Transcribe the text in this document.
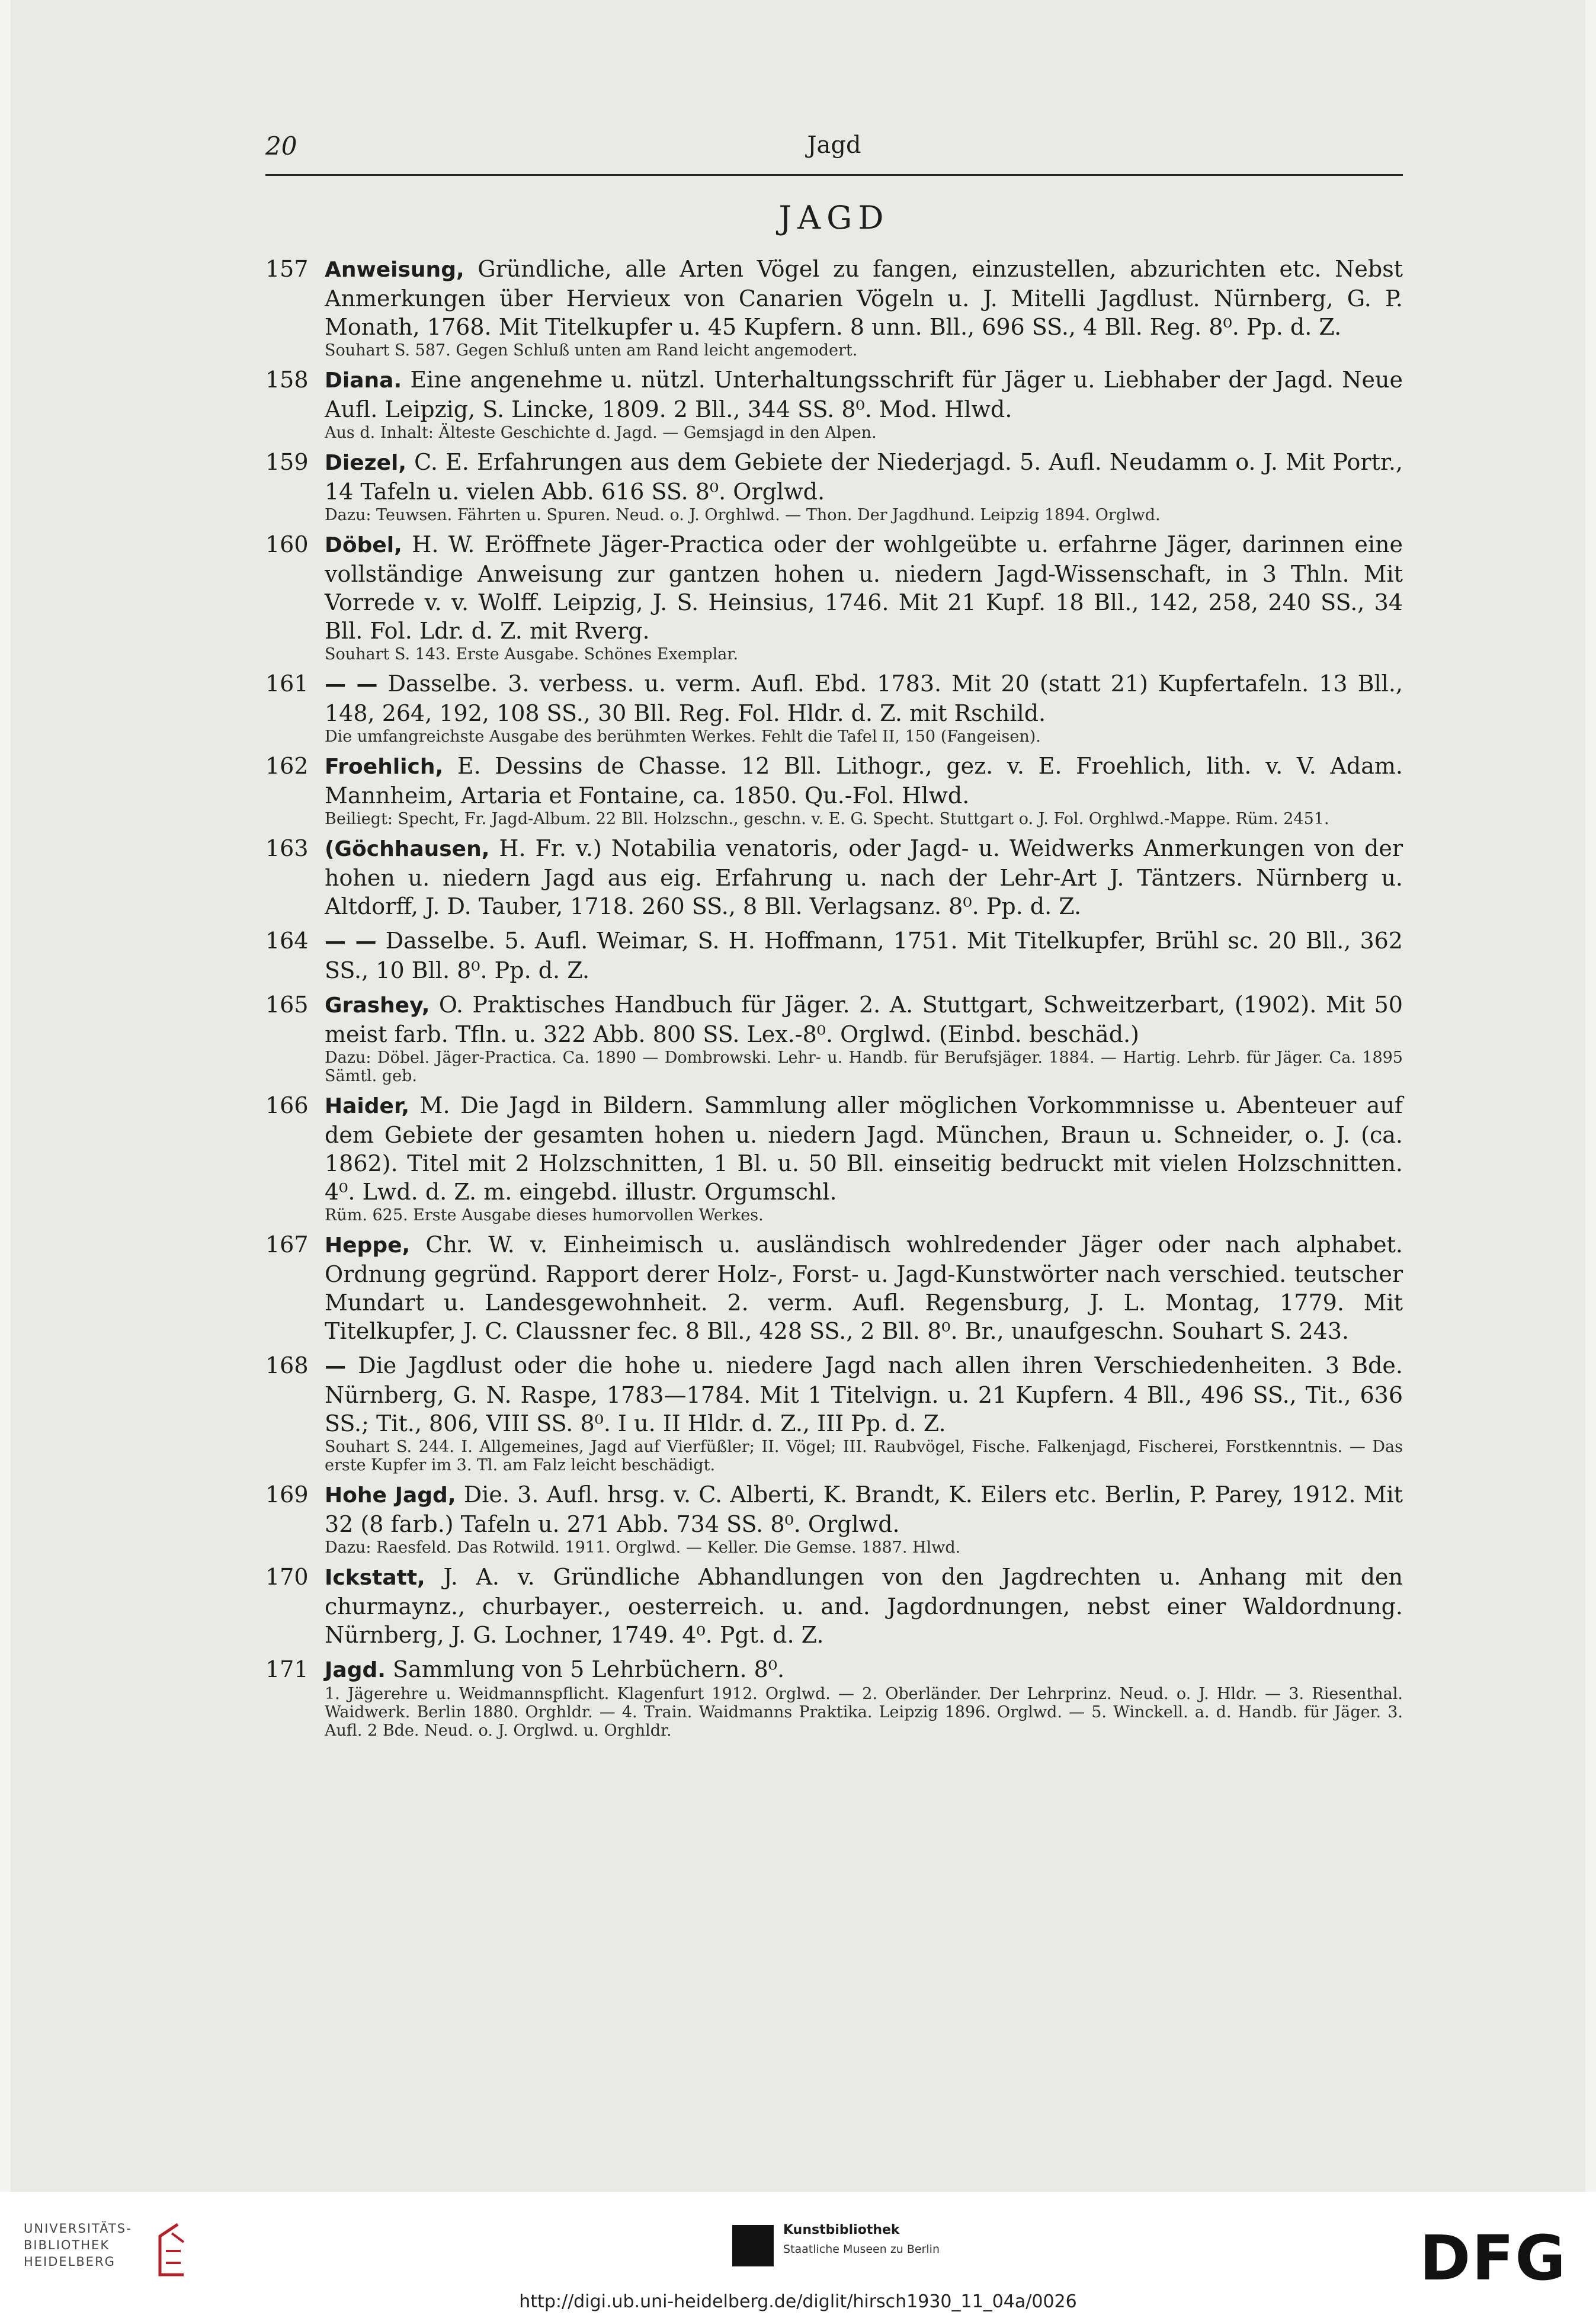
20	Jagd
JAGD
157 Anweisung, Gründliche, alle Arten Vögel zu fangen, einzustellen, abzurichten etc. Nebst Anmerkungen über Hervieux von Canarien Vögeln u. J. Mitelli Jagdlust. Nürnberg, G. P. Monath, 1768. Mit Titelkupfer u. 45 Kupfern. 8 unn. Bll., 696 SS., 4 Bll. Reg. 8⁰. Pp. d. Z.
Souhart S. 587. Gegen Schluß unten am Rand leicht angemodert.
158 Diana. Eine angenehme u. nützl. Unterhaltungsschrift für Jäger u. Liebhaber der Jagd. Neue Aufl. Leipzig, S. Lincke, 1809. 2 Bll., 344 SS. 8⁰. Mod. Hlwd.
Aus d. Inhalt: Älteste Geschichte d. Jagd. — Gemsjagd in den Alpen.
159 Diezel, C. E. Erfahrungen aus dem Gebiete der Niederjagd. 5. Aufl. Neudamm o. J. Mit Portr., 14 Tafeln u. vielen Abb. 616 SS. 8⁰. Orglwd.
Dazu: Teuwsen. Fährten u. Spuren. Neud. o. J. Orghlwd. — Thon. Der Jagdhund. Leipzig 1894. Orglwd.
160 Döbel, H. W. Eröffnete Jäger-Practica oder der wohlgeübte u. erfahrne Jäger, darinnen eine vollständige Anweisung zur gantzen hohen u. niedern Jagd-Wissenschaft, in 3 Thln. Mit Vorrede v. v. Wolff. Leipzig, J. S. Heinsius, 1746. Mit 21 Kupf. 18 Bll., 142, 258, 240 SS., 34 Bll. Fol. Ldr. d. Z. mit Rverg.
Souhart S. 143. Erste Ausgabe. Schönes Exemplar.
161 — — Dasselbe. 3. verbess. u. verm. Aufl. Ebd. 1783. Mit 20 (statt 21) Kupfertafeln. 13 Bll., 148, 264, 192, 108 SS., 30 Bll. Reg. Fol. Hldr. d. Z. mit Rschild.
Die umfangreichste Ausgabe des berühmten Werkes. Fehlt die Tafel II, 150 (Fangeisen).
162 Froehlich, E. Dessins de Chasse. 12 Bll. Lithogr., gez. v. E. Froehlich, lith. v. V. Adam. Mannheim, Artaria et Fontaine, ca. 1850. Qu.-Fol. Hlwd.
Beiliegt: Specht, Fr. Jagd-Album. 22 Bll. Holzschn., geschn. v. E. G. Specht. Stuttgart o. J. Fol. Orghlwd.-Mappe. Rüm. 2451.
163 (Göchhausen, H. Fr. v.) Notabilia venatoris, oder Jagd- u. Weidwerks Anmerkungen von der hohen u. niedern Jagd aus eig. Erfahrung u. nach der Lehr-Art J. Täntzers. Nürnberg u. Altdorff, J. D. Tauber, 1718. 260 SS., 8 Bll. Verlagsanz. 8⁰. Pp. d. Z.
164 — — Dasselbe. 5. Aufl. Weimar, S. H. Hoffmann, 1751. Mit Titelkupfer, Brühl sc. 20 Bll., 362 SS., 10 Bll. 8⁰. Pp. d. Z.
165 Grashey, O. Praktisches Handbuch für Jäger. 2. A. Stuttgart, Schweitzerbart, (1902). Mit 50 meist farb. Tfln. u. 322 Abb. 800 SS. Lex.-8⁰. Orglwd. (Einbd. beschäd.)
Dazu: Döbel. Jäger-Practica. Ca. 1890 — Dombrowski. Lehr- u. Handb. für Berufsjäger. 1884. — Hartig. Lehrb. für Jäger. Ca. 1895 Sämtl. geb.
166 Haider, M. Die Jagd in Bildern. Sammlung aller möglichen Vorkommnisse u. Abenteuer auf dem Gebiete der gesamten hohen u. niedern Jagd. München, Braun u. Schneider, o. J. (ca. 1862). Titel mit 2 Holzschnitten, 1 Bl. u. 50 Bll. einseitig bedruckt mit vielen Holzschnitten. 4⁰. Lwd. d. Z. m. eingebd. illustr. Orgumschl.
Rüm. 625. Erste Ausgabe dieses humorvollen Werkes.
167 Heppe, Chr. W. v. Einheimisch u. ausländisch wohlredender Jäger oder nach alphabet. Ordnung gegründ. Rapport derer Holz-, Forst- u. Jagd-Kunstwörter nach verschied. teutscher Mundart u. Landesgewohnheit. 2. verm. Aufl. Regensburg, J. L. Montag, 1779. Mit Titelkupfer, J. C. Claussner fec. 8 Bll., 428 SS., 2 Bll. 8⁰. Br., unaufgeschn. Souhart S. 243.
168 — Die Jagdlust oder die hohe u. niedere Jagd nach allen ihren Verschiedenheiten. 3 Bde. Nürnberg, G. N. Raspe, 1783—1784. Mit 1 Titelvign. u. 21 Kupfern. 4 Bll., 496 SS., Tit., 636 SS.; Tit., 806, VIII SS. 8⁰. I u. II Hldr. d. Z., III Pp. d. Z.
Souhart S. 244. I. Allgemeines, Jagd auf Vierfüßler; II. Vögel; III. Raubvögel, Fische. Falkenjagd, Fischerei, Forstkenntnis. — Das erste Kupfer im 3. Tl. am Falz leicht beschädigt.
169 Hohe Jagd, Die. 3. Aufl. hrsg. v. C. Alberti, K. Brandt, K. Eilers etc. Berlin, P. Parey, 1912. Mit 32 (8 farb.) Tafeln u. 271 Abb. 734 SS. 8⁰. Orglwd.
Dazu: Raesfeld. Das Rotwild. 1911. Orglwd. — Keller. Die Gemse. 1887. Hlwd.
170 Ickstatt, J. A. v. Gründliche Abhandlungen von den Jagdrechten u. Anhang mit den churmaynz., churbayer., oesterreich. u. and. Jagdordnungen, nebst einer Waldordnung. Nürnberg, J. G. Lochner, 1749. 4⁰. Pgt. d. Z.
171 Jagd. Sammlung von 5 Lehrbüchern. 8⁰.
1. Jägerehre u. Weidmannspflicht. Klagenfurt 1912. Orglwd. — 2. Oberländer. Der Lehrprinz. Neud. o. J. Hldr. — 3. Riesenthal. Waidwerk. Berlin 1880. Orghldr. — 4. Train. Waidmanns Praktika. Leipzig 1896. Orglwd. — 5. Winckell. a. d. Handb. für Jäger. 3. Aufl. 2 Bde. Neud. o. J. Orglwd. u. Orghldr.
UNIVERSITÄTS-
BIBLIOTHEK
HEIDELBERG
Kunstbibliothek
Staatliche Museen zu Berlin	DFG
http://digi.ub.uni-heidelberg.de/diglit/hirsch1930_11_04a/0026
